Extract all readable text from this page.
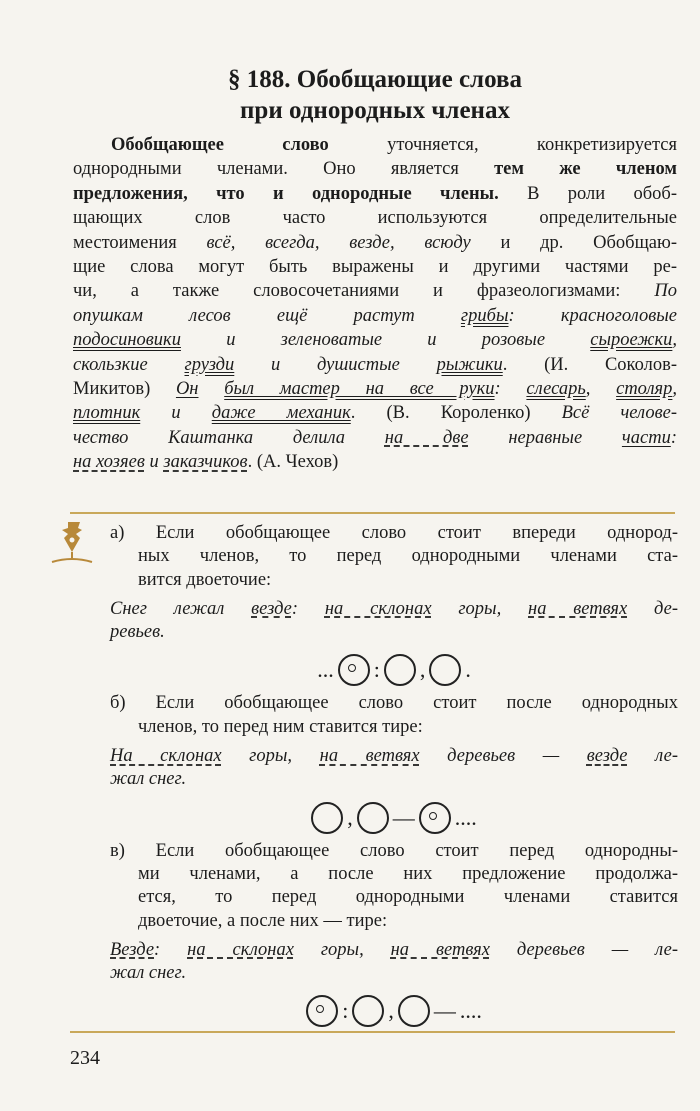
§ 188. Обобщающие слова
при однородных членах
Обобщающее слово уточняется, конкретизируется
однородными членами. Оно является тем же членом
предложения, что и однородные члены. В роли обоб-
щающих слов часто используются определительные
местоимения всё, всегда, везде, всюду и др. Обобщаю-
щие слова могут быть выражены и другими частями ре-
чи, а также словосочетаниями и фразеологизмами: По
опушкам лесов ещё растут грибы: красноголовые
подосиновики и зеленоватые и розовые сыроежки,
скользкие грузди и душистые рыжики. (И. Соколов-
Микитов) Он был мастер на все руки: слесарь, столяр,
плотник и даже механик. (В. Короленко) Всё челове-
чество Каштанка делила на две неравные части:
на хозяев и заказчиков. (А. Чехов)
а) Если обобщающее слово стоит впереди однород-
ных членов, то перед однородными членами ста-
вится двоеточие:
Снег лежал везде: на склонах горы, на ветвях де-
ревьев.
... : , .
б) Если обобщающее слово стоит после однородных
членов, то перед ним ставится тире:
На склонах горы, на ветвях деревьев — везде ле-
жал снег.
, — ....
в) Если обобщающее слово стоит перед однородны-
ми членами, а после них предложение продолжа-
ется, то перед однородными членами ставится
двоеточие, а после них — тире:
Везде: на склонах горы, на ветвях деревьев — ле-
жал снег.
: , — ....
234
